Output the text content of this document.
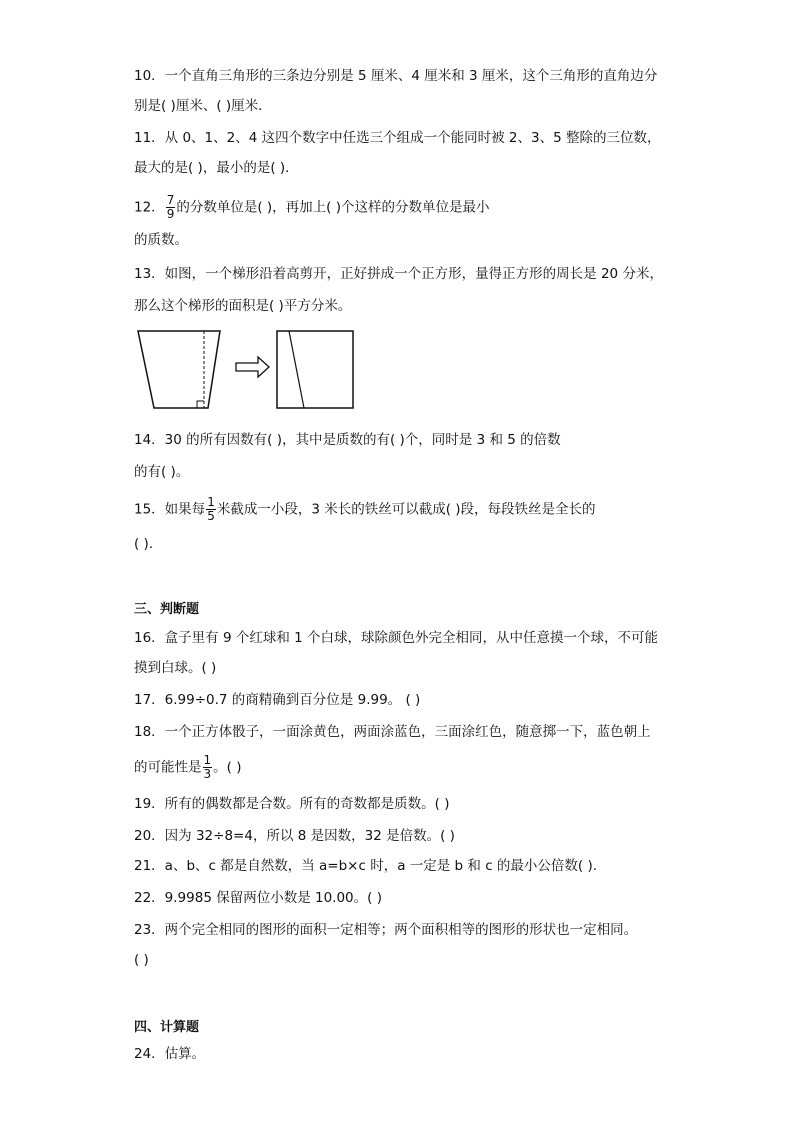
10．一个直角三角形的三条边分别是 5 厘米、4 厘米和 3 厘米，这个三角形的直角边分
别是( )厘米、( )厘米．
11．从 0、1、2、4 这四个数字中任选三个组成一个能同时被 2、3、5 整除的三位数，
最大的是( )，最小的是( )．
12． $\frac{7}{9}$ 的分数单位是( )，再加上( )个这样的分数单位是最小
的质数。
13．如图，一个梯形沿着高剪开，正好拼成一个正方形，量得正方形的周长是 20 分米，
那么这个梯形的面积是( )平方分米。
14．30 的所有因数有( )，其中是质数的有( )个，同时是 3 和 5 的倍数
的有( )。
15．如果每 $\frac{1}{5}$ 米截成一小段，3 米长的铁丝可以截成( )段，每段铁丝是全长的
( ).
三、判断题
16．盒子里有 9 个红球和 1 个白球，球除颜色外完全相同，从中任意摸一个球，不可能
摸到白球。( )
17．6.99÷0.7 的商精确到百分位是 9.99。 ( )
18．一个正方体骰子，一面涂黄色，两面涂蓝色，三面涂红色，随意掷一下，蓝色朝上
的可能性是 $\frac{1}{3}$ 。( )
19．所有的偶数都是合数。所有的奇数都是质数。( )
20．因为 32÷8=4，所以 8 是因数，32 是倍数。( )
21．a、b、c 都是自然数，当 a=b×c 时，a 一定是 b 和 c 的最小公倍数( ).
22．9.9985 保留两位小数是 10.00。( )
23．两个完全相同的图形的面积一定相等；两个面积相等的图形的形状也一定相同。
( )
四、计算题
24．估算。
